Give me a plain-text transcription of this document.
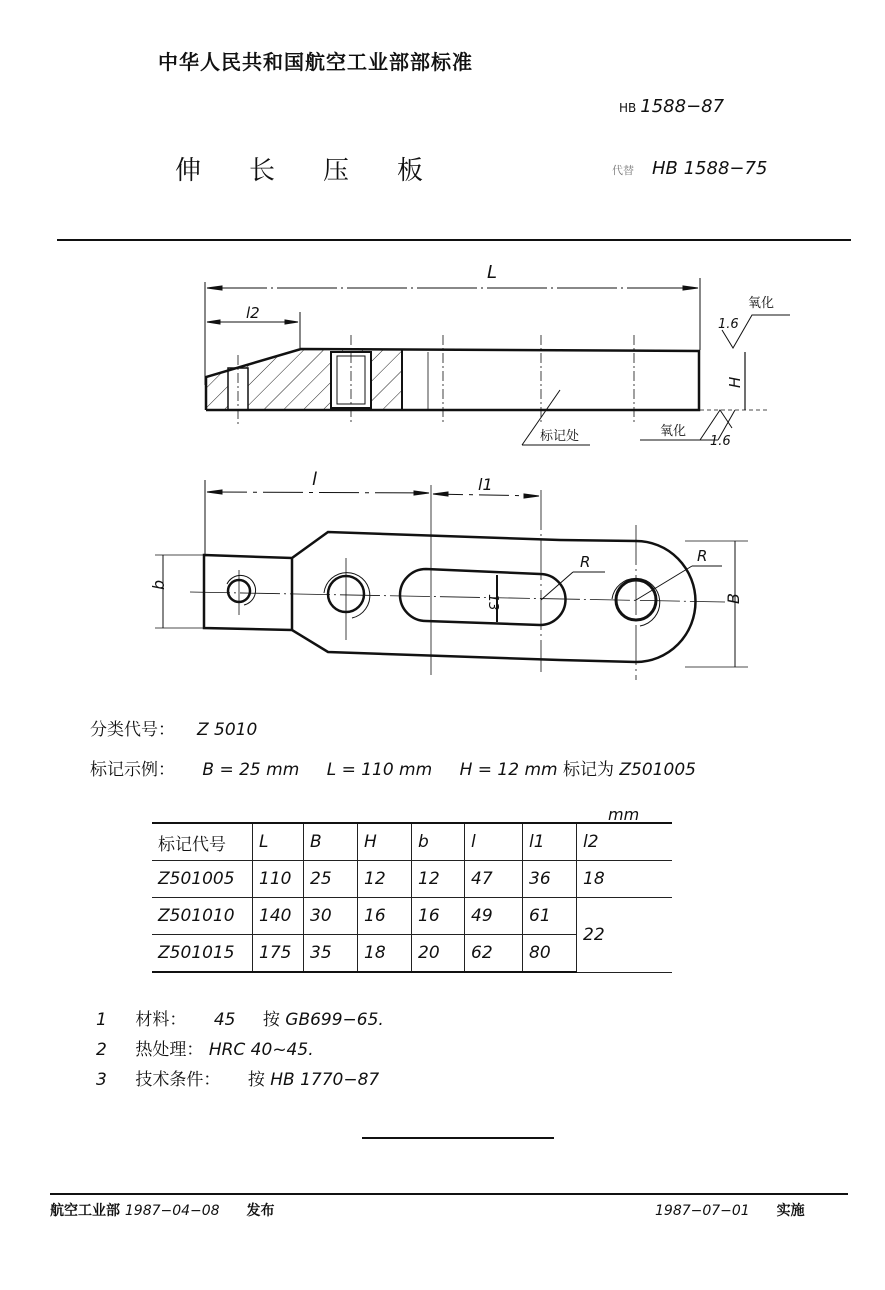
中华人民共和国航空工业部部标准
HB 1588−87
伸 长 压 板	代替 HB 1588−75
L
l2
H
1.6
氧化
1.6
氧化
标记处
l	l1
b
B
R	R
13
分类代号： Z 5010
标记示例： B = 25 mm L = 110 mm H = 12 mm 标记为 Z501005
mm
标记代号	L	B	H	b	l	l1	l2
Z501005	110	25	12	12	47	36	18
Z501010	140	30	16	16	49	61	22
Z501015	175	35	18	20	62	80	
1 材料： 45 按 GB699−65.
2 热处理： HRC 40~45.
3 技术条件： 按 HB 1770−87
航空工业部 1987−04−08 发布	1987−07−01 实施
